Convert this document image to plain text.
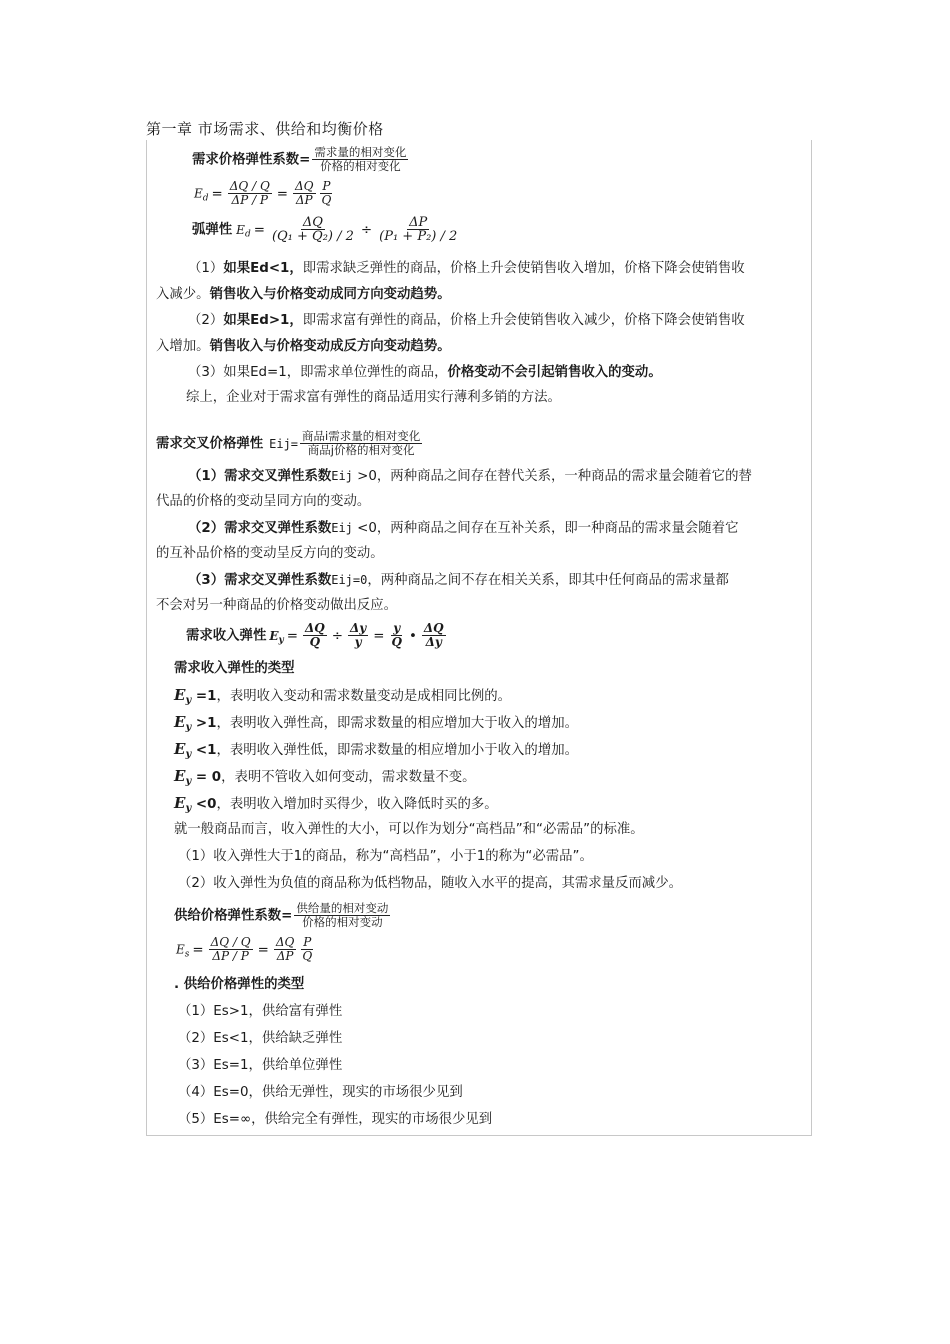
第一章 市场需求、供给和均衡价格
需求价格弹性系数= $\frac{\text{需求量的相对变化}}{\text{价格的相对变化}}$
$E_d = \frac{\Delta Q / Q}{\Delta P / P} = \frac{\Delta Q}{\Delta P} \frac{P}{Q}$
弧弹性 $E_d = \frac{\Delta Q}{\text{(Q₁ + Q₂) / 2}} \div \frac{\Delta P}{\text{(P₁ + P₂) / 2}}$
（1）如果Ed<1，即需求缺乏弹性的商品，价格上升会使销售收入增加，价格下降会使销售收
入减少。销售收入与价格变动成同方向变动趋势。
（2）如果Ed>1，即需求富有弹性的商品，价格上升会使销售收入减少，价格下降会使销售收
入增加。销售收入与价格变动成反方向变动趋势。
（3）如果Ed=1，即需求单位弹性的商品，价格变动不会引起销售收入的变动。
综上，企业对于需求富有弹性的商品适用实行薄利多销的方法。
需求交叉价格弹性 $Eij= \frac{\text{商品i需求量的相对变化}}{\text{商品j价格的相对变化}}$
（1）需求交叉弹性系数Eij >0，两种商品之间存在替代关系，一种商品的需求量会随着它的替
代品的价格的变动呈同方向的变动。
（2）需求交叉弹性系数Eij <0，两种商品之间存在互补关系，即一种商品的需求量会随着它
的互补品价格的变动呈反方向的变动。
（3）需求交叉弹性系数Eij=0，两种商品之间不存在相关关系，即其中任何商品的需求量都
不会对另一种商品的价格变动做出反应。
需求收入弹性 $E_y = \frac{\Delta Q}{Q} \div \frac{\Delta y}{y} = \frac{y}{Q}$ • $\frac{\Delta Q}{\Delta y}$
需求收入弹性的类型
$E_y =1$，表明收入变动和需求数量变动是成相同比例的。
$E_y >1$，表明收入弹性高，即需求数量的相应增加大于收入的增加。
$E_y <1$，表明收入弹性低，即需求数量的相应增加小于收入的增加。
$E_y = 0$，表明不管收入如何变动，需求数量不变。
$E_y <0$，表明收入增加时买得少，收入降低时买的多。
就一般商品而言，收入弹性的大小，可以作为划分“高档品”和“必需品”的标准。
（1）收入弹性大于1的商品，称为“高档品”，小于1的称为“必需品”。
（2）收入弹性为负值的商品称为低档物品，随收入水平的提高，其需求量反而减少。
供给价格弹性系数= $\frac{\text{供给量的相对变动}}{\text{价格的相对变动}}$
$E_s = \frac{\Delta Q / Q}{\Delta P / P} = \frac{\Delta Q}{\Delta P} \frac{P}{Q}$
. 供给价格弹性的类型
（1）Es>1，供给富有弹性
（2）Es<1，供给缺乏弹性
（3）Es=1，供给单位弹性
（4）Es=0，供给无弹性，现实的市场很少见到
（5）Es=∞，供给完全有弹性，现实的市场很少见到
